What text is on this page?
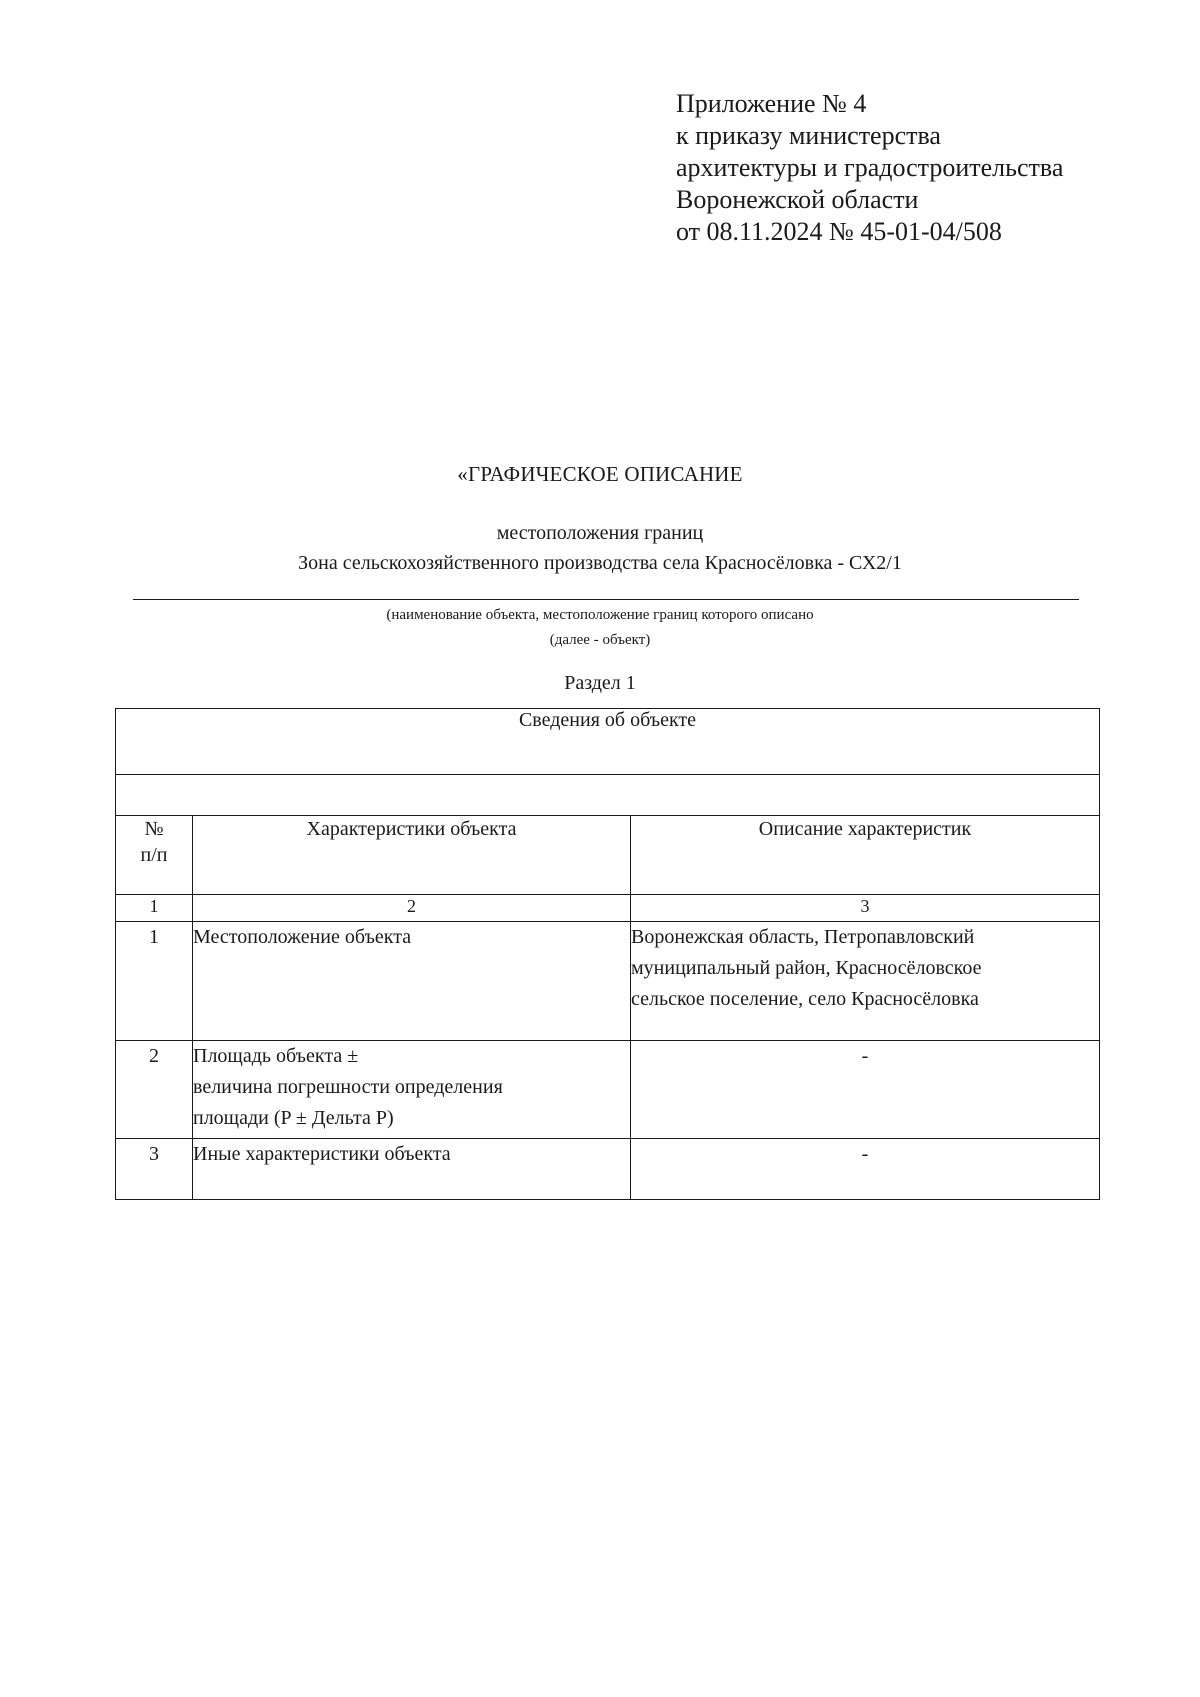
Приложение № 4
к приказу министерства
архитектуры и градостроительства
Воронежской области
от 08.11.2024 № 45-01-04/508
«ГРАФИЧЕСКОЕ ОПИСАНИЕ
местоположения границ
Зона сельскохозяйственного производства села Красносёловка - СХ2/1
(наименование объекта, местоположение границ которого описано
(далее - объект)
Раздел 1
Сведения об объекте		

№
п/п	Характеристики объекта	Описание характеристик
1	2	3
1	Местоположение объекта	Воронежская область, Петропавловский
муниципальный район, Красносёловское
сельское поселение, село Красносёловка

2	Площадь объекта ±
величина погрешности определения
площади (P ± Дельта P)	-
3	Иные характеристики объекта	-
